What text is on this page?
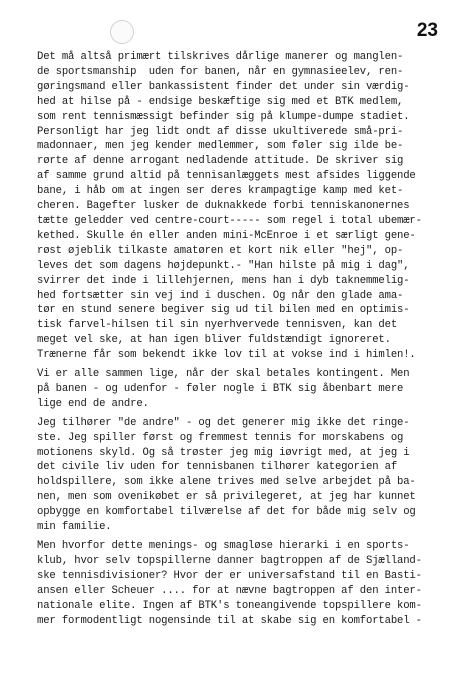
23
Det må altså primært tilskrives dårlige manerer og manglen-
de sportsmanship  uden for banen, når en gymnasieelev, ren-
gøringsmand eller bankassistent finder det under sin værdig-
hed at hilse på - endsige beskæftige sig med et BTK medlem,
som rent tennismæssigt befinder sig på klumpe-dumpe stadiet.
Personligt har jeg lidt ondt af disse ukultiverede små-pri-
madonnaer, men jeg kender medlemmer, som føler sig ilde be-
rørte af denne arrogant nedladende attitude. De skriver sig
af samme grund altid på tennisanlæggets mest afsides liggende
bane, i håb om at ingen ser deres krampagtige kamp med ket-
cheren. Bagefter lusker de duknakkede forbi tenniskanonernes
tætte geledder ved centre-court----- som regel i total ubemær-
kethed. Skulle én eller anden mini-McEnroe i et særligt gene-
røst øjeblik tilkaste amatøren et kort nik eller "hej", op-
leves det som dagens højdepunkt.- "Han hilste på mig i dag",
svirrer det inde i lillehjernen, mens han i dyb taknemmelig-
hed fortsætter sin vej ind i duschen. Og når den glade ama-
tør en stund senere begiver sig ud til bilen med en optimis-
tisk farvel-hilsen til sin nyerhvervede tennisven, kan det
meget vel ske, at han igen bliver fuldstændigt ignoreret.
Trænerne får som bekendt ikke lov til at vokse ind i himlen!.
Vi er alle sammen lige, når der skal betales kontingent. Men
på banen - og udenfor - føler nogle i BTK sig åbenbart mere
lige end de andre.
Jeg tilhører "de andre" - og det generer mig ikke det ringe-
ste. Jeg spiller først og fremmest tennis for morskabens og
motionens skyld. Og så trøster jeg mig iøvrigt med, at jeg i
det civile liv uden for tennisbanen tilhører kategorien af
holdspillere, som ikke alene trives med selve arbejdet på ba-
nen, men som ovenikøbet er så privilegeret, at jeg har kunnet
opbygge en komfortabel tilværelse af det for både mig selv og
min familie.
Men hvorfor dette menings- og smagløse hierarki i en sports-
klub, hvor selv topspillerne danner bagtroppen af de Sjælland-
ske tennisdivisioner? Hvor der er universafstand til en Basti-
ansen eller Scheuer .... for at nævne bagtroppen af den inter-
nationale elite. Ingen af BTK's toneangivende topspillere kom-
mer formodentligt nogensinde til at skabe sig en komfortabel -
